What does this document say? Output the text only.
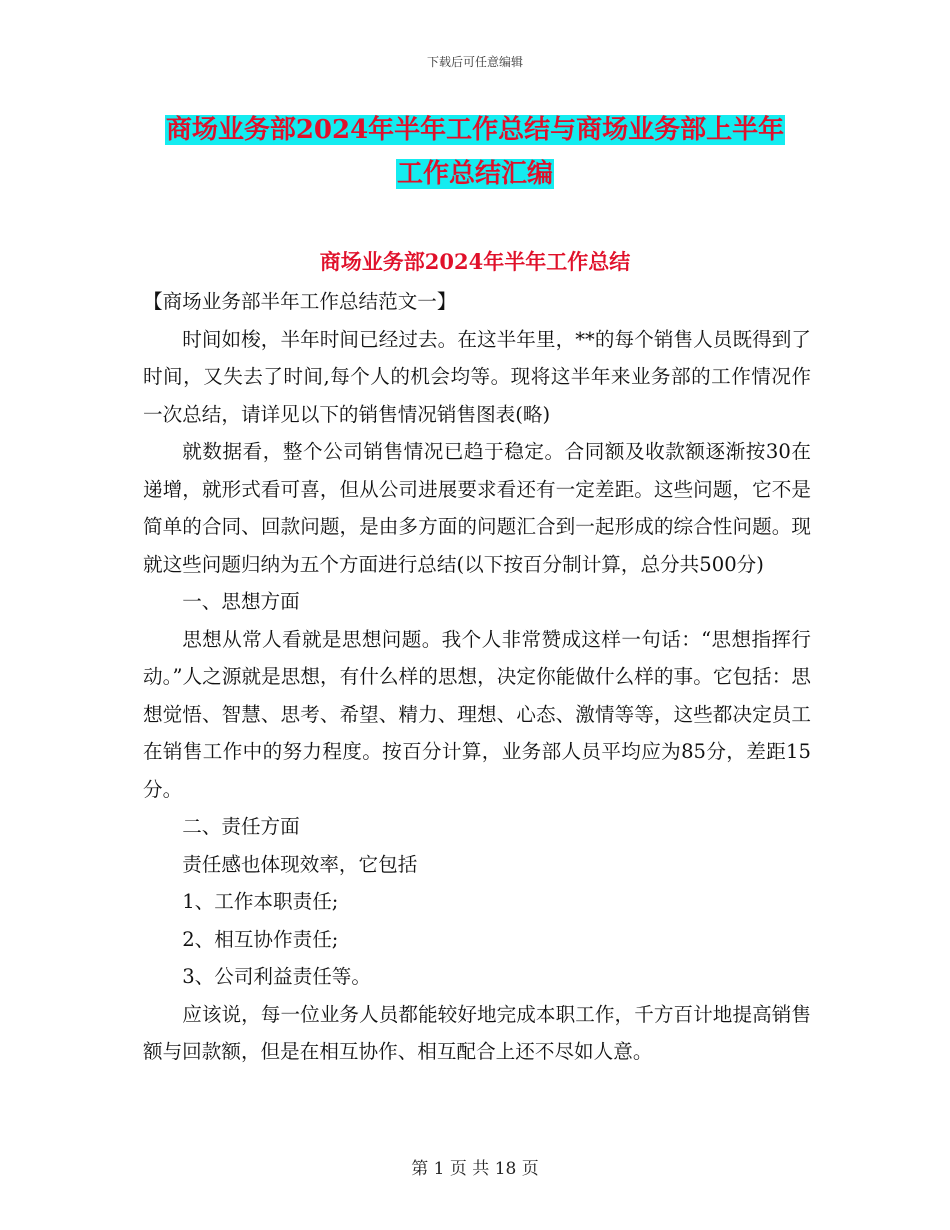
下载后可任意编辑
商场业务部2024年半年工作总结与商场业务部上半年
工作总结汇编
商场业务部2024年半年工作总结

【商场业务部半年工作总结范文一】

时间如梭，半年时间已经过去。在这半年里，**的每个销售人员既得到了时间，又失去了时间,每个人的机会均等。现将这半年来业务部的工作情况作一次总结，请详见以下的销售情况销售图表(略)

就数据看，整个公司销售情况已趋于稳定。合同额及收款额逐渐按30在递增，就形式看可喜，但从公司进展要求看还有一定差距。这些问题，它不是简单的合同、回款问题，是由多方面的问题汇合到一起形成的综合性问题。现就这些问题归纳为五个方面进行总结(以下按百分制计算，总分共500分)

一、思想方面

思想从常人看就是思想问题。我个人非常赞成这样一句话：“思想指挥行动。”人之源就是思想，有什么样的思想，决定你能做什么样的事。它包括：思想觉悟、智慧、思考、希望、精力、理想、心态、激情等等，这些都决定员工在销售工作中的努力程度。按百分计算，业务部人员平均应为85分，差距15分。

二、责任方面

责任感也体现效率，它包括

1、工作本职责任;

2、相互协作责任;

3、公司利益责任等。

应该说，每一位业务人员都能较好地完成本职工作，千方百计地提高销售额与回款额，但是在相互协作、相互配合上还不尽如人意。

第 1 页 共 18 页
